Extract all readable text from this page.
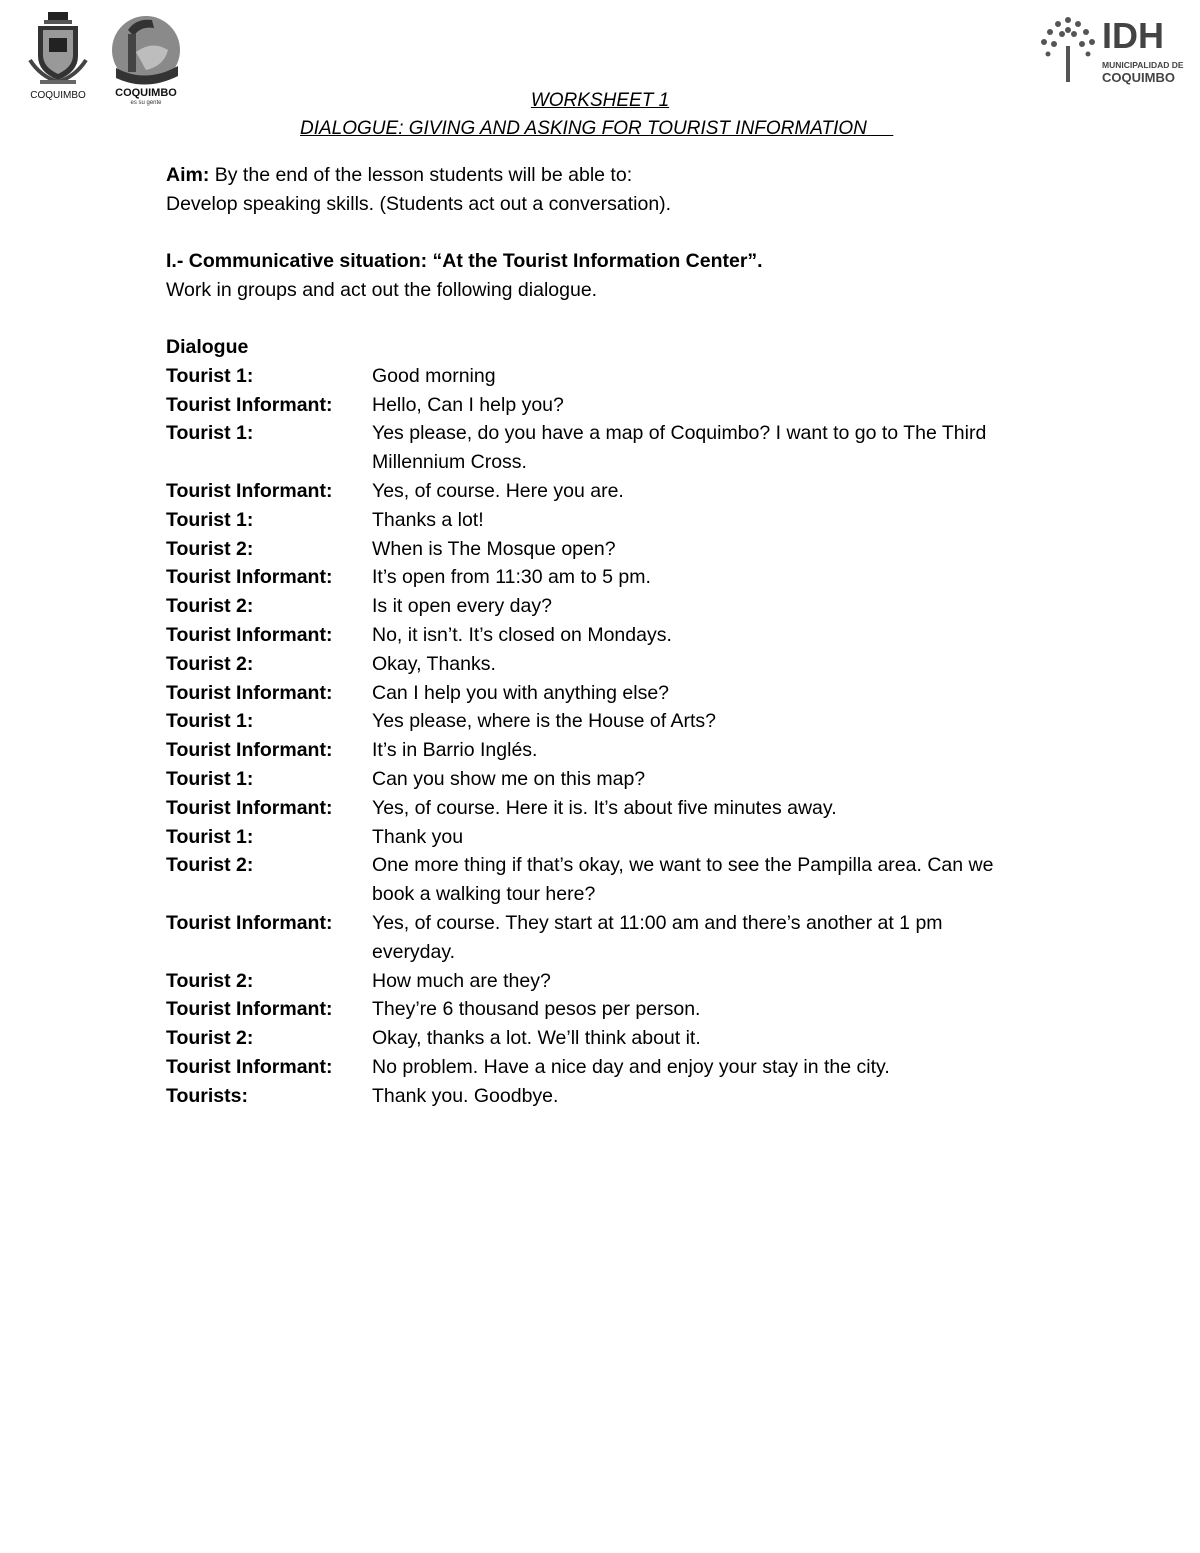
COQUIMBO	COQUIMBO
es su gente
IDH
MUNICIPALIDAD DE
COQUIMBO
WORKSHEET 1
DIALOGUE: GIVING AND ASKING FOR TOURIST INFORMATION
Aim: By the end of the lesson students will be able to:
Develop speaking skills. (Students act out a conversation).
I.- Communicative situation: “At the Tourist Information Center”.
Work in groups and act out the following dialogue.
Dialogue
Tourist 1:	Good morning
Tourist Informant:	Hello, Can I help you?
Tourist 1:	Yes please, do you have a map of Coquimbo? I want to go to The Third Millennium Cross.
Tourist Informant:	Yes, of course. Here you are.
Tourist 1:	Thanks a lot!
Tourist 2:	When is The Mosque open?
Tourist Informant:	It’s open from 11:30 am to 5 pm.
Tourist 2:	Is it open every day?
Tourist Informant:	No, it isn’t. It’s closed on Mondays.
Tourist 2:	Okay, Thanks.
Tourist Informant:	Can I help you with anything else?
Tourist 1:	Yes please, where is the House of Arts?
Tourist Informant:	It’s in Barrio Inglés.
Tourist 1:	Can you show me on this map?
Tourist Informant:	Yes, of course. Here it is. It’s about five minutes away.
Tourist 1:	Thank you
Tourist 2:	One more thing if that’s okay, we want to see the Pampilla area. Can we book a walking tour here?
Tourist Informant:	Yes, of course. They start at 11:00 am and there’s another at 1 pm everyday.
Tourist 2:	How much are they?
Tourist Informant:	They’re 6 thousand pesos per person.
Tourist 2:	Okay, thanks a lot. We’ll think about it.
Tourist Informant:	No problem. Have a nice day and enjoy your stay in the city.
Tourists:	Thank you. Goodbye.
